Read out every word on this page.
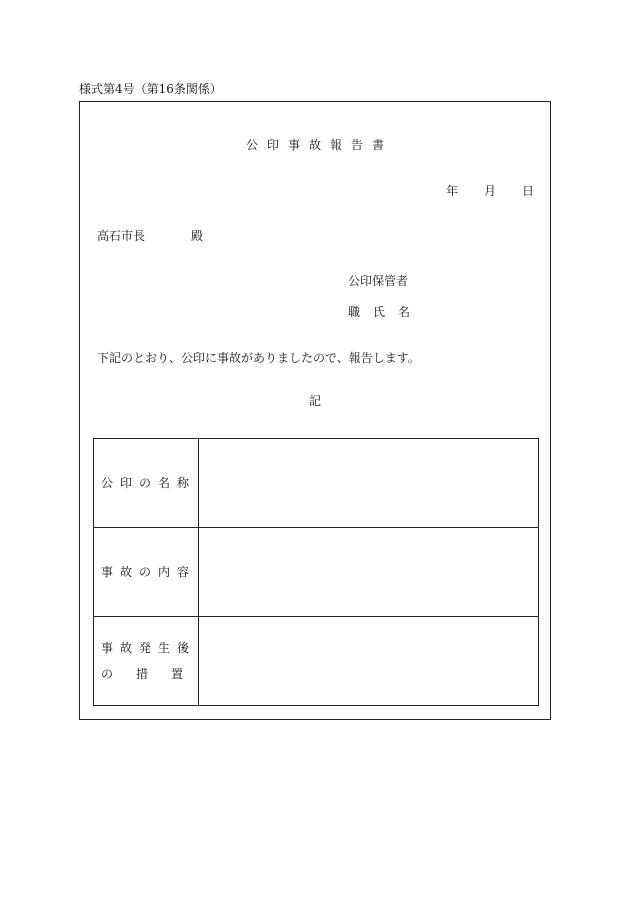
様式第4号（第16条関係）
公印事故報告書
年 月 日
高石市長	殿
公印保管者
職氏名
下記のとおり、公印に事故がありましたので、報告します。
記
公印の名称	
事故の内容	

事故発生後
の 措 置	
